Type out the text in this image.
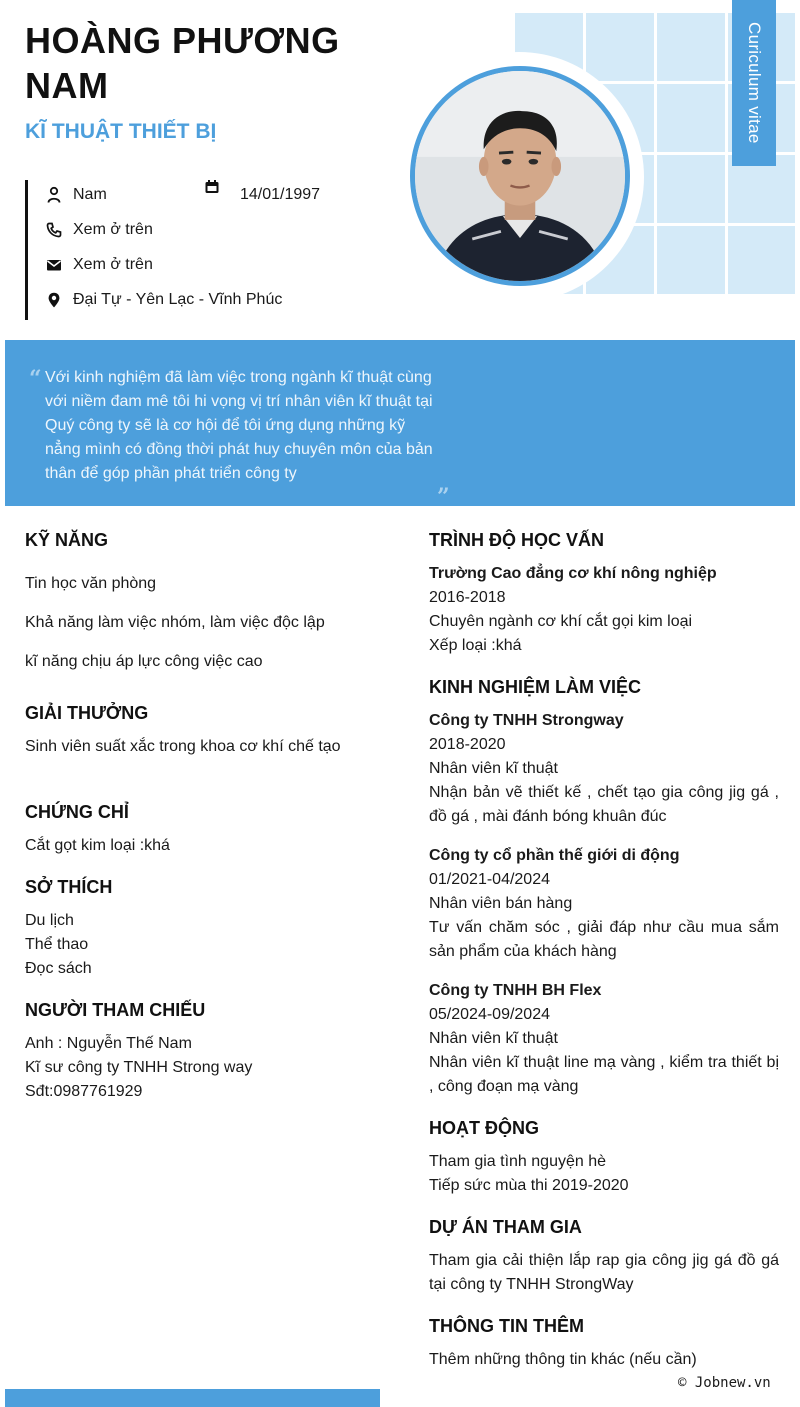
Curiculum vitae
HOÀNG PHƯƠNG NAM
KĨ THUẬT THIẾT BỊ
Nam	14/01/1997
Xem ở trên
Xem ở trên
Đại Tự - Yên Lạc - Vĩnh Phúc
“ Với kinh nghiệm đã làm việc trong ngành kĩ thuật cùng với niềm đam mê tôi hi vọng vị trí nhân viên kĩ thuật tại Quý công ty sẽ là cơ hội để tôi ứng dụng những kỹ nẳng mình có đồng thời phát huy chuyên môn của bản thân để góp phần phát triển công ty
”
KỸ NĂNG
Tin học văn phòng
Khả năng làm việc nhóm, làm việc độc lập
kĩ năng chịu áp lực công việc cao
GIẢI THƯỞNG
Sinh viên suất xắc trong khoa cơ khí chế tạo
CHỨNG CHỈ
Cắt gọt kim loại :khá
SỞ THÍCH
Du lịch
Thể thao
Đọc sách
NGƯỜI THAM CHIẾU
Anh : Nguyễn Thế Nam
Kĩ sư công ty TNHH Strong way
Sđt:0987761929
TRÌNH ĐỘ HỌC VẤN
Trường Cao đẳng cơ khí nông nghiệp
2016-2018
Chuyên ngành cơ khí cắt gọi kim loại
Xếp loại :khá
KINH NGHIỆM LÀM VIỆC
Công ty TNHH Strongway
2018-2020
Nhân viên kĩ thuật
Nhận bản vẽ thiết kế , chết tạo gia công jig gá , đồ gá , mài đánh bóng khuân đúc
Công ty cổ phần thế giới di động
01/2021-04/2024
Nhân viên bán hàng
Tư vấn chăm sóc , giải đáp như cầu mua sắm sản phẩm của khách hàng
Công ty TNHH BH Flex
05/2024-09/2024
Nhân viên kĩ thuật
Nhân viên kĩ thuật line mạ vàng , kiểm tra thiết bị , công đoạn mạ vàng
HOẠT ĐỘNG
Tham gia tình nguyện hè
Tiếp sức mùa thi 2019-2020
DỰ ÁN THAM GIA
Tham gia cải thiện lắp rap gia công jig gá đồ gá tại công ty TNHH StrongWay
THÔNG TIN THÊM
Thêm những thông tin khác (nếu cần)
© Jobnew.vn
